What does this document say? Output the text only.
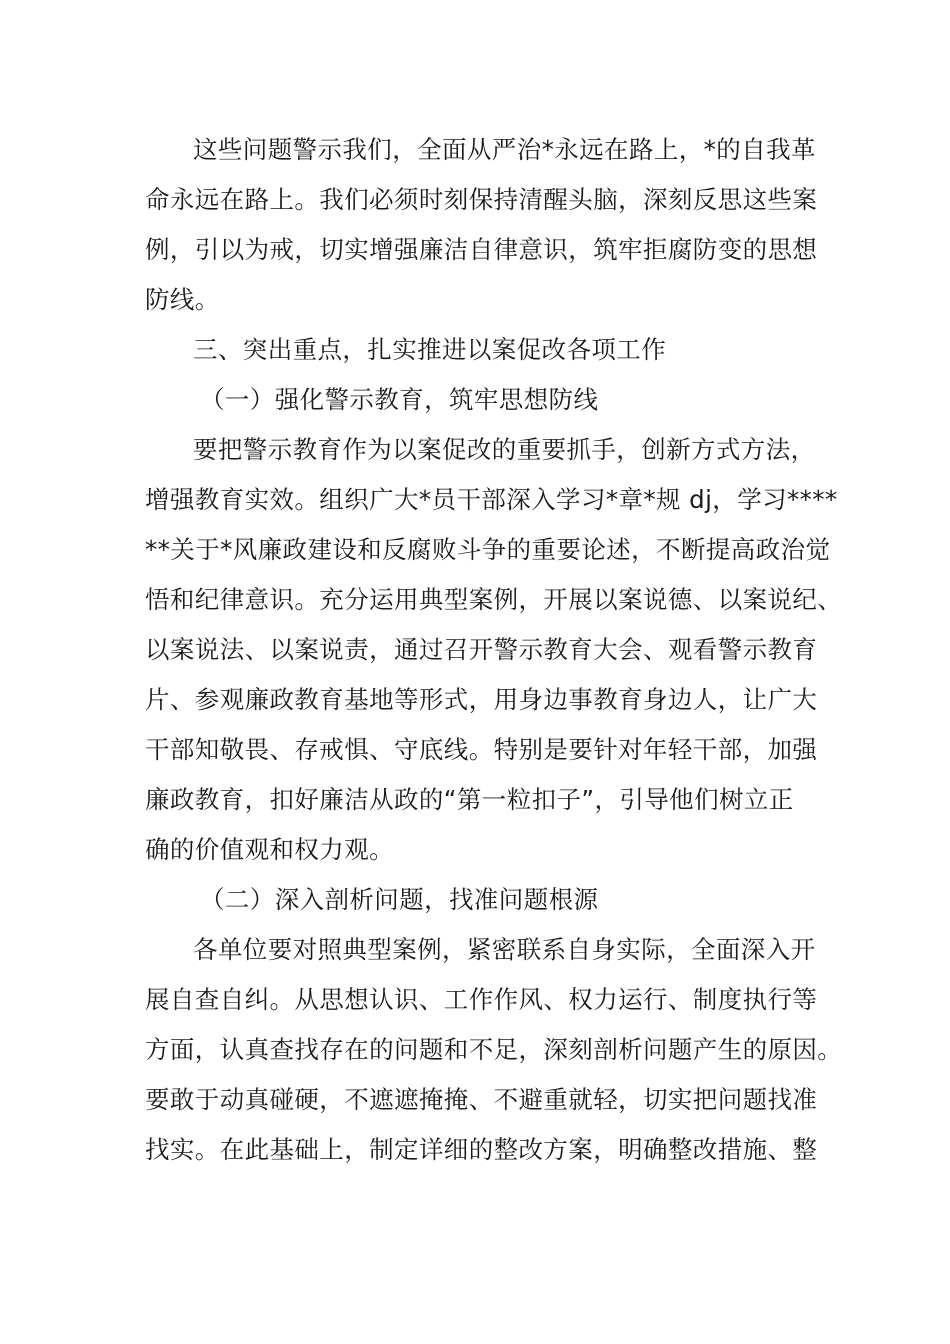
这些问题警示我们，全面从严治*永远在路上，*的自我革
命永远在路上。我们必须时刻保持清醒头脑，深刻反思这些案
例，引以为戒，切实增强廉洁自律意识，筑牢拒腐防变的思想
防线。
三、突出重点，扎实推进以案促改各项工作
（一）强化警示教育，筑牢思想防线
要把警示教育作为以案促改的重要抓手，创新方式方法，
增强教育实效。组织广大*员干部深入学习*章*规 dj，学习****
**关于*风廉政建设和反腐败斗争的重要论述，不断提高政治觉
悟和纪律意识。充分运用典型案例，开展以案说德、以案说纪、
以案说法、以案说责，通过召开警示教育大会、观看警示教育
片、参观廉政教育基地等形式，用身边事教育身边人，让广大
干部知敬畏、存戒惧、守底线。特别是要针对年轻干部，加强
廉政教育，扣好廉洁从政的“第一粒扣子”，引导他们树立正
确的价值观和权力观。
（二）深入剖析问题，找准问题根源
各单位要对照典型案例，紧密联系自身实际，全面深入开
展自查自纠。从思想认识、工作作风、权力运行、制度执行等
方面，认真查找存在的问题和不足，深刻剖析问题产生的原因。
要敢于动真碰硬，不遮遮掩掩、不避重就轻，切实把问题找准
找实。在此基础上，制定详细的整改方案，明确整改措施、整
